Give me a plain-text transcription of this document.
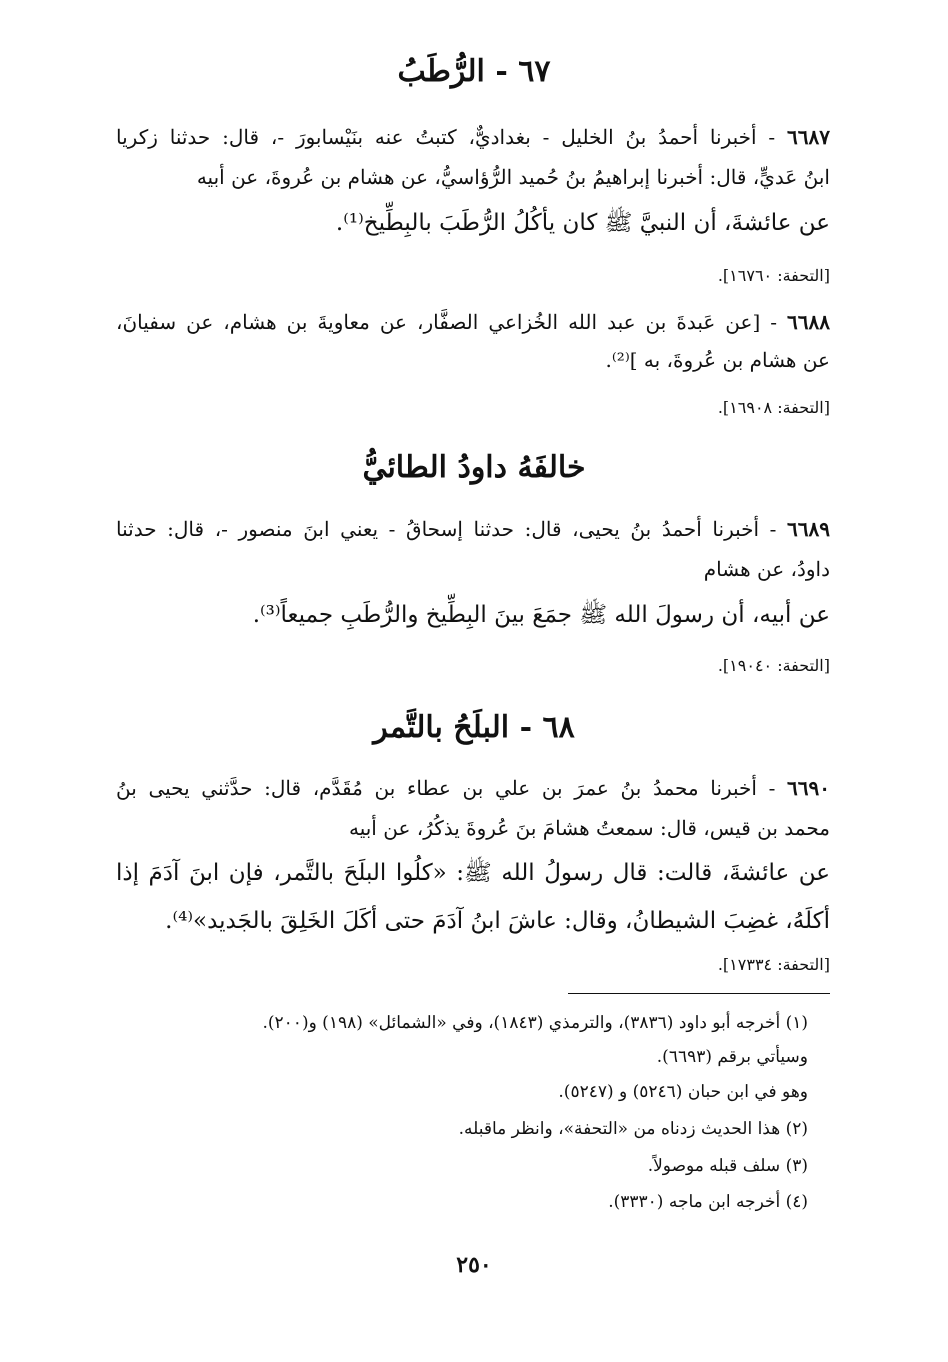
٦٧ - الرُّطَبُ
٦٦٨٧ - أخبرنا أحمدُ بنُ الخليل - بغداديٌّ، كتبتُ عنه بنَيْسابورَ -، قال: حدثنا زكريا
ابنُ عَديٍّ، قال: أخبرنا إبراهيمُ بنُ حُميد الرُّؤاسيُّ، عن هشام بن عُروةَ، عن أبيه
عن عائشةَ، أن النبيَّ ﷺ كان يأكُلُ الرُّطَبَ بالبِطِّيخ⁽¹⁾.
[التحفة: ١٦٧٦٠].
٦٦٨٨ - [عن عَبدةَ بن عبد الله الخُزاعي الصفَّار، عن معاويةَ بن هشام، عن سفيانَ،
عن هشام بن عُروةَ، به ]⁽²⁾.
[التحفة: ١٦٩٠٨].
خالفَهُ داودُ الطائيُّ
٦٦٨٩ - أخبرنا أحمدُ بنُ يحيى، قال: حدثنا إسحاقُ - يعني ابنَ منصور -، قال: حدثنا
داودُ، عن هشام
عن أبيه، أن رسولَ الله ﷺ جمَعَ بينَ البِطِّيخ والرُّطَبِ جميعاً⁽³⁾.
[التحفة: ١٩٠٤٠].
٦٨ - البلَحُ بالتَّمر
٦٦٩٠ - أخبرنا محمدُ بنُ عمرَ بن علي بن عطاء بن مُقَدَّم، قال: حدَّثني يحيى بنُ
محمد بن قيس، قال: سمعتُ هشامَ بنَ عُروةَ يذكُرُ، عن أبيه
عن عائشةَ، قالت: قال رسولُ الله ﷺ: «كلُوا البلَحَ بالتَّمر، فإن ابنَ آدَمَ إذا
أكلَهُ، غضِبَ الشيطانُ، وقال: عاشَ ابنُ آدَمَ حتى أكَلَ الخَلِقَ بالجَديد»⁽⁴⁾.
[التحفة: ١٧٣٣٤].
(١) أخرجه أبو داود (٣٨٣٦)، والترمذي (١٨٤٣)، وفي «الشمائل» (١٩٨) و(٢٠٠).
وسيأتي برقم (٦٦٩٣).
وهو في ابن حبان (٥٢٤٦) و (٥٢٤٧).
(٢) هذا الحديث زدناه من «التحفة»، وانظر ماقبله.
(٣) سلف قبله موصولاً.
(٤) أخرجه ابن ماجه (٣٣٣٠).
٢٥٠
